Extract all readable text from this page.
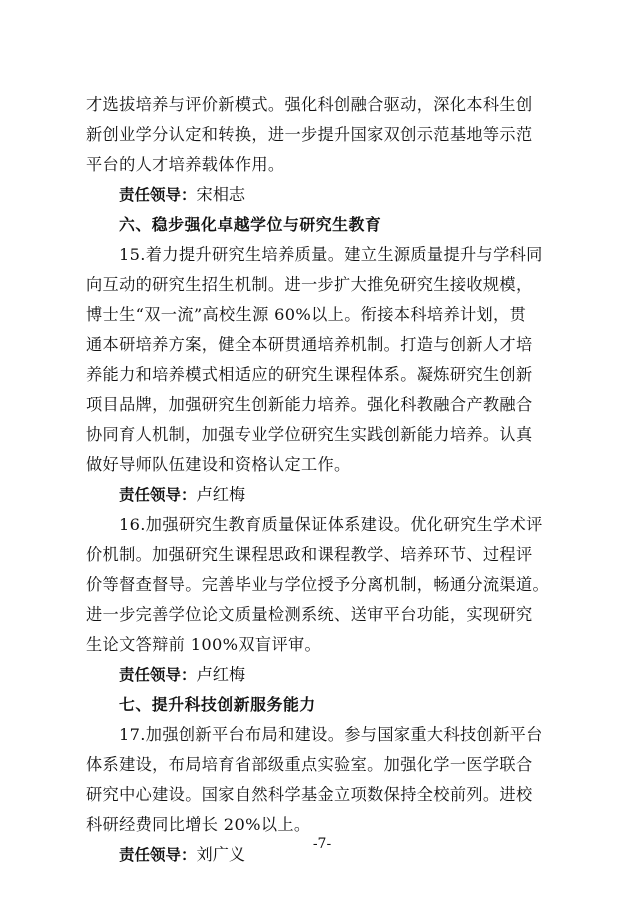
才选拔培养与评价新模式。强化科创融合驱动，深化本科生创
新创业学分认定和转换，进一步提升国家双创示范基地等示范
平台的人才培养载体作用。
责任领导：宋相志
六、稳步强化卓越学位与研究生教育
15.着力提升研究生培养质量。建立生源质量提升与学科同
向互动的研究生招生机制。进一步扩大推免研究生接收规模，
博士生“双一流”高校生源 60%以上。衔接本科培养计划，贯
通本研培养方案，健全本研贯通培养机制。打造与创新人才培
养能力和培养模式相适应的研究生课程体系。凝炼研究生创新
项目品牌，加强研究生创新能力培养。强化科教融合产教融合
协同育人机制，加强专业学位研究生实践创新能力培养。认真
做好导师队伍建设和资格认定工作。
责任领导：卢红梅
16.加强研究生教育质量保证体系建设。优化研究生学术评
价机制。加强研究生课程思政和课程教学、培养环节、过程评
价等督查督导。完善毕业与学位授予分离机制，畅通分流渠道。
进一步完善学位论文质量检测系统、送审平台功能，实现研究
生论文答辩前 100%双盲评审。
责任领导：卢红梅
七、提升科技创新服务能力
17.加强创新平台布局和建设。参与国家重大科技创新平台
体系建设，布局培育省部级重点实验室。加强化学一医学联合
研究中心建设。国家自然科学基金立项数保持全校前列。进校
科研经费同比增长 20%以上。
责任领导：刘广义
-7-
